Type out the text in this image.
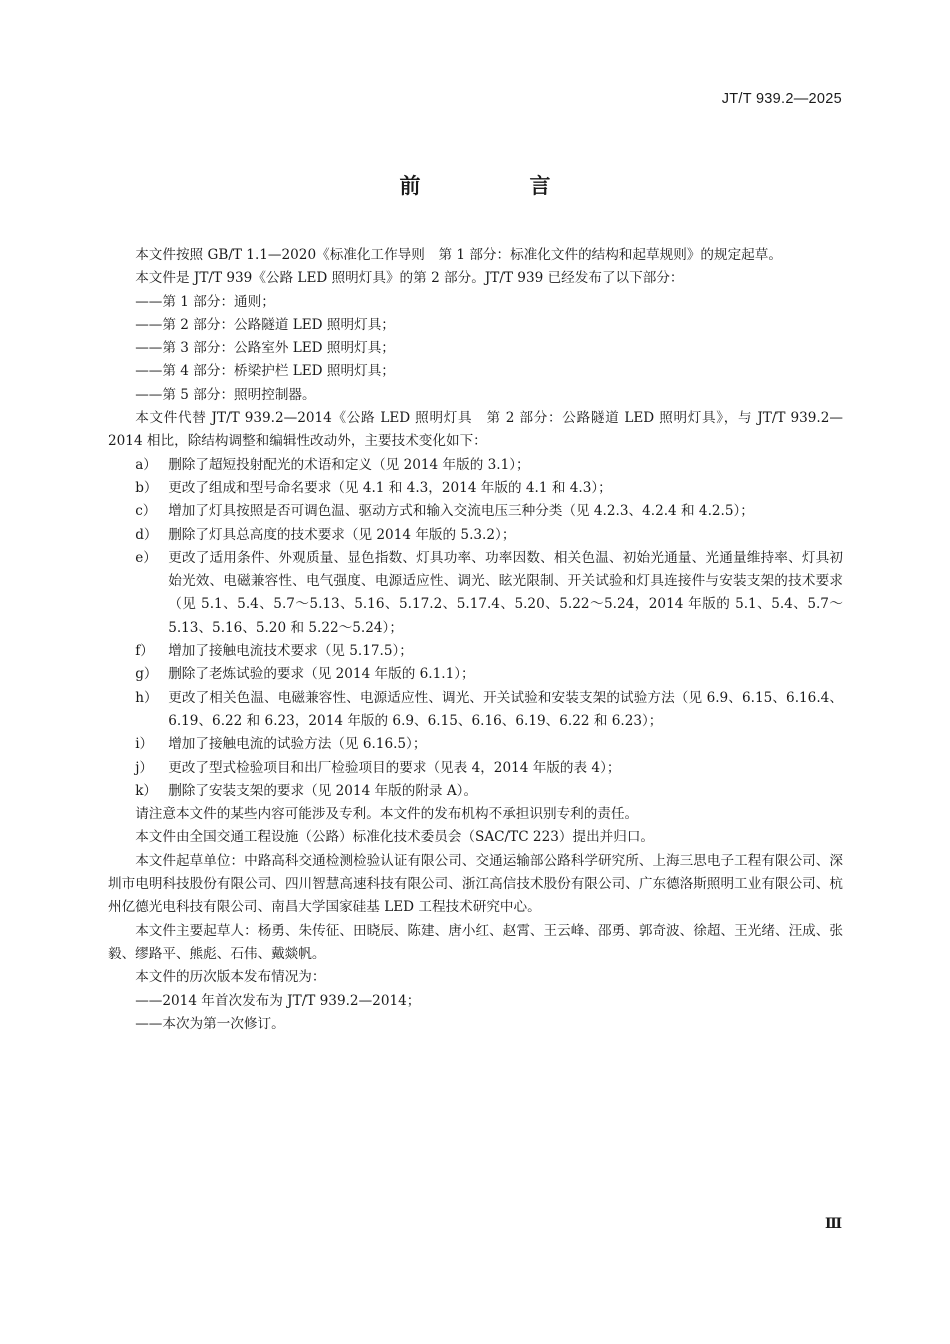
JT/T 939.2—2025
前　言

本文件按照 GB/T 1.1—2020《标准化工作导则　第 1 部分：标准化文件的结构和起草规则》的规定起草。

本文件是 JT/T 939《公路 LED 照明灯具》的第 2 部分。JT/T 939 已经发布了以下部分：

——第 1 部分：通则；

——第 2 部分：公路隧道 LED 照明灯具；

——第 3 部分：公路室外 LED 照明灯具；

——第 4 部分：桥梁护栏 LED 照明灯具；

——第 5 部分：照明控制器。

本文件代替 JT/T 939.2—2014《公路 LED 照明灯具　第 2 部分：公路隧道 LED 照明灯具》，与 JT/T 939.2—2014 相比，除结构调整和编辑性改动外，主要技术变化如下：

a） 删除了超短投射配光的术语和定义（见 2014 年版的 3.1）；
b） 更改了组成和型号命名要求（见 4.1 和 4.3，2014 年版的 4.1 和 4.3）；
c） 增加了灯具按照是否可调色温、驱动方式和输入交流电压三种分类（见 4.2.3、4.2.4 和 4.2.5）；
d） 删除了灯具总高度的技术要求（见 2014 年版的 5.3.2）；
e） 更改了适用条件、外观质量、显色指数、灯具功率、功率因数、相关色温、初始光通量、光通量维持率、灯具初始光效、电磁兼容性、电气强度、电源适应性、调光、眩光限制、开关试验和灯具连接件与安装支架的技术要求（见 5.1、5.4、5.7～5.13、5.16、5.17.2、5.17.4、5.20、5.22～5.24，2014 年版的 5.1、5.4、5.7～5.13、5.16、5.20 和 5.22～5.24）；
f）	增加了接触电流技术要求（见 5.17.5）；
g） 删除了老炼试验的要求（见 2014 年版的 6.1.1）；
h） 更改了相关色温、电磁兼容性、电源适应性、调光、开关试验和安装支架的试验方法（见 6.9、6.15、6.16.4、6.19、6.22 和 6.23，2014 年版的 6.9、6.15、6.16、6.19、6.22 和 6.23）；
i）	增加了接触电流的试验方法（见 6.16.5）；
j）	更改了型式检验项目和出厂检验项目的要求（见表 4，2014 年版的表 4）；
k） 删除了安装支架的要求（见 2014 年版的附录 A）。

请注意本文件的某些内容可能涉及专利。本文件的发布机构不承担识别专利的责任。

本文件由全国交通工程设施（公路）标准化技术委员会（SAC/TC 223）提出并归口。

本文件起草单位：中路高科交通检测检验认证有限公司、交通运输部公路科学研究所、上海三思电子工程有限公司、深圳市电明科技股份有限公司、四川智慧高速科技有限公司、浙江高信技术股份有限公司、广东德洛斯照明工业有限公司、杭州亿德光电科技有限公司、南昌大学国家硅基 LED 工程技术研究中心。

本文件主要起草人：杨勇、朱传征、田晓辰、陈建、唐小红、赵霄、王云峰、邵勇、郭奇波、徐超、王光绪、汪成、张毅、缪路平、熊彪、石伟、戴燚帆。

本文件的历次版本发布情况为：

——2014 年首次发布为 JT/T 939.2—2014；

——本次为第一次修订。

Ⅲ
